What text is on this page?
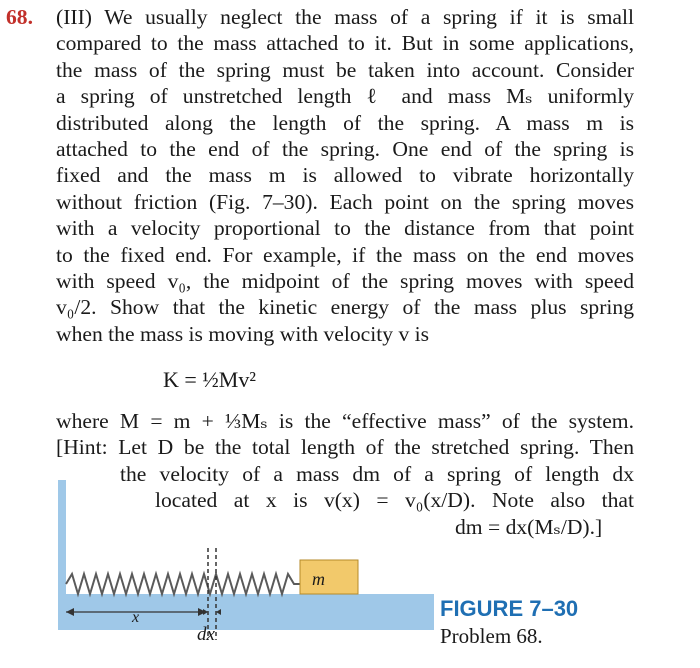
68. (III) We usually neglect the mass of a spring if it is small
compared to the mass attached to it. But in some applications,
the mass of the spring must be taken into account. Consider
a spring of unstretched length ℓ and mass Mₛ uniformly
distributed along the length of the spring. A mass m is
attached to the end of the spring. One end of the spring is
fixed and the mass m is allowed to vibrate horizontally
without friction (Fig. 7–30). Each point on the spring moves
with a velocity proportional to the distance from that point
to the fixed end. For example, if the mass on the end moves
with speed v₀, the midpoint of the spring moves with speed
v₀/2. Show that the kinetic energy of the mass plus spring
when the mass is moving with velocity v is
where M = m + ⅓Mₛ is the “effective mass” of the system.
[Hint: Let D be the total length of the stretched spring. Then
the velocity of a mass dm of a spring of length dx
located at x is v(x) = v₀(x/D). Note also that
dm = dx(Mₛ/D).]
K = ½Mv²
m
x
dx
FIGURE 7–30
Problem 68.
